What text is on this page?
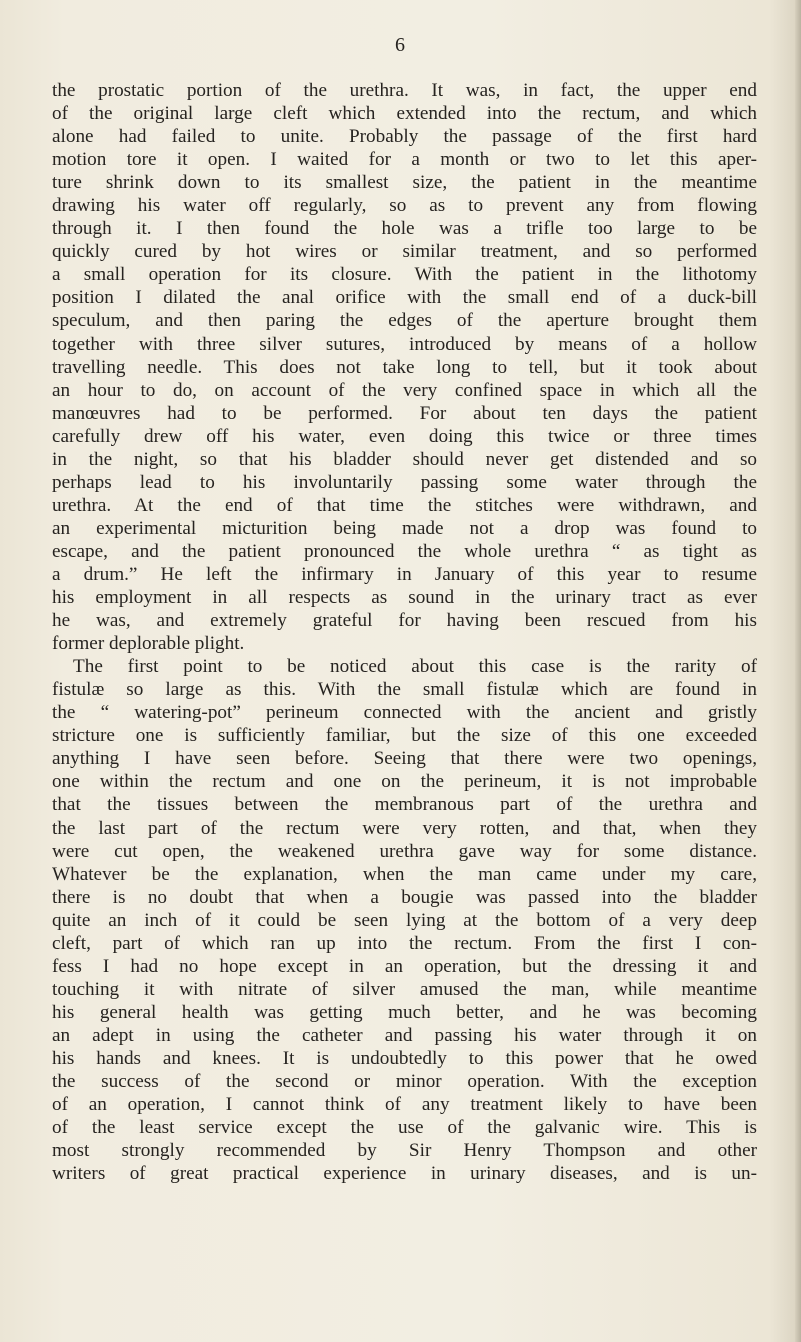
6
the prostatic portion of the urethra. It was, in fact, the upper end
of the original large cleft which extended into the rectum, and which
alone had failed to unite. Probably the passage of the first hard
motion tore it open. I waited for a month or two to let this aper-
ture shrink down to its smallest size, the patient in the meantime
drawing his water off regularly, so as to prevent any from flowing
through it. I then found the hole was a trifle too large to be
quickly cured by hot wires or similar treatment, and so performed
a small operation for its closure. With the patient in the lithotomy
position I dilated the anal orifice with the small end of a duck-bill
speculum, and then paring the edges of the aperture brought them
together with three silver sutures, introduced by means of a hollow
travelling needle. This does not take long to tell, but it took about
an hour to do, on account of the very confined space in which all the
manœuvres had to be performed. For about ten days the patient
carefully drew off his water, even doing this twice or three times
in the night, so that his bladder should never get distended and so
perhaps lead to his involuntarily passing some water through the
urethra. At the end of that time the stitches were withdrawn, and
an experimental micturition being made not a drop was found to
escape, and the patient pronounced the whole urethra “ as tight as
a drum.” He left the infirmary in January of this year to resume
his employment in all respects as sound in the urinary tract as ever
he was, and extremely grateful for having been rescued from his
former deplorable plight.
The first point to be noticed about this case is the rarity of
fistulæ so large as this. With the small fistulæ which are found in
the “ watering-pot” perineum connected with the ancient and gristly
stricture one is sufficiently familiar, but the size of this one exceeded
anything I have seen before. Seeing that there were two openings,
one within the rectum and one on the perineum, it is not improbable
that the tissues between the membranous part of the urethra and
the last part of the rectum were very rotten, and that, when they
were cut open, the weakened urethra gave way for some distance.
Whatever be the explanation, when the man came under my care,
there is no doubt that when a bougie was passed into the bladder
quite an inch of it could be seen lying at the bottom of a very deep
cleft, part of which ran up into the rectum. From the first I con-
fess I had no hope except in an operation, but the dressing it and
touching it with nitrate of silver amused the man, while meantime
his general health was getting much better, and he was becoming
an adept in using the catheter and passing his water through it on
his hands and knees. It is undoubtedly to this power that he owed
the success of the second or minor operation. With the exception
of an operation, I cannot think of any treatment likely to have been
of the least service except the use of the galvanic wire. This is
most strongly recommended by Sir Henry Thompson and other
writers of great practical experience in urinary diseases, and is un-
